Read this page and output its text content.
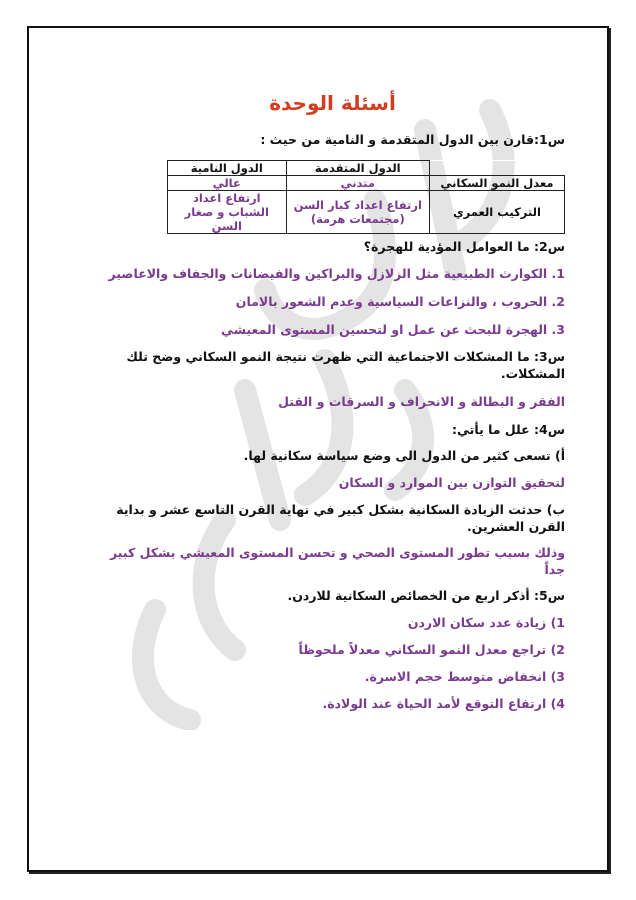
أسئلة الوحدة

س1:قارن بين الدول المتقدمة و النامية من حيث :

	الدول المتقدمة	الدول النامية
معدل النمو السكاني	متدني	عالي
التركيب العمري	ارتفاع اعداد كبار السن (مجتمعات هرمة)	ارتفاع اعداد الشباب و صغار السن

س2: ما العوامل المؤدية للهجرة؟

1. الكوارث الطبيعية مثل الزلازل والبراكين والفيضانات والجفاف والاعاصير

2. الحروب ، والنزاعات السياسية وعدم الشعور بالامان

3. الهجرة للبحث عن عمل او لتحسين المستوى المعيشي

س3: ما المشكلات الاجتماعية التي ظهرت نتيجة النمو السكاني وضح تلك المشكلات.

الفقر و البطالة و الانحراف و السرقات و القتل

س4: علل ما يأتي:

أ) تسعى كثير من الدول الى وضع سياسة سكانية لها.

لتحقيق التوازن بين الموارد و السكان

ب) حدثت الزيادة السكانية بشكل كبير في نهاية القرن التاسع عشر و بداية القرن العشرين.

وذلك بسبب تطور المستوى الصحي و تحسن المستوى المعيشي بشكل كبير جداً

س5: أذكر اربع من الخصائص السكانية للاردن.

1) زيادة عدد سكان الاردن

2) تراجع معدل النمو السكاني معدلاً ملحوظاً

3) انخفاض متوسط حجم الاسرة.

4) ارتفاع التوقع لأمد الحياة عند الولادة.
